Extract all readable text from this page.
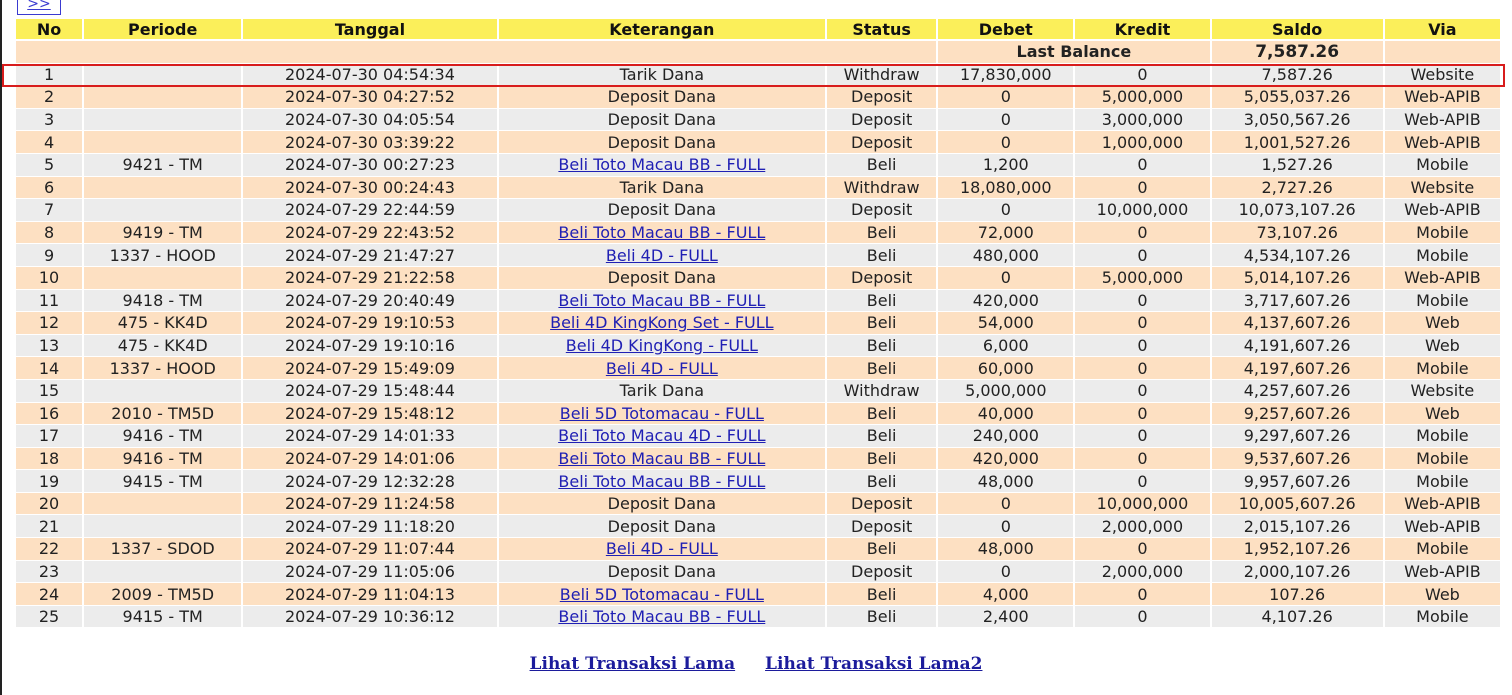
>>
No	Periode	Tanggal	Keterangan	Status	Debet	Kredit	Saldo	Via
					Last Balance		7,587.26	
1		2024-07-30 04:54:34	Tarik Dana	Withdraw	17,830,000	0	7,587.26	Website
2		2024-07-30 04:27:52	Deposit Dana	Deposit	0	5,000,000	5,055,037.26	Web-APIB
3		2024-07-30 04:05:54	Deposit Dana	Deposit	0	3,000,000	3,050,567.26	Web-APIB
4		2024-07-30 03:39:22	Deposit Dana	Deposit	0	1,000,000	1,001,527.26	Web-APIB
5	9421 - TM	2024-07-30 00:27:23	Beli Toto Macau BB - FULL	Beli	1,200	0	1,527.26	Mobile
6		2024-07-30 00:24:43	Tarik Dana	Withdraw	18,080,000	0	2,727.26	Website
7		2024-07-29 22:44:59	Deposit Dana	Deposit	0	10,000,000	10,073,107.26	Web-APIB
8	9419 - TM	2024-07-29 22:43:52	Beli Toto Macau BB - FULL	Beli	72,000	0	73,107.26	Mobile
9	1337 - HOOD	2024-07-29 21:47:27	Beli 4D - FULL	Beli	480,000	0	4,534,107.26	Mobile
10		2024-07-29 21:22:58	Deposit Dana	Deposit	0	5,000,000	5,014,107.26	Web-APIB
11	9418 - TM	2024-07-29 20:40:49	Beli Toto Macau BB - FULL	Beli	420,000	0	3,717,607.26	Mobile
12	475 - KK4D	2024-07-29 19:10:53	Beli 4D KingKong Set - FULL	Beli	54,000	0	4,137,607.26	Web
13	475 - KK4D	2024-07-29 19:10:16	Beli 4D KingKong - FULL	Beli	6,000	0	4,191,607.26	Web
14	1337 - HOOD	2024-07-29 15:49:09	Beli 4D - FULL	Beli	60,000	0	4,197,607.26	Mobile
15		2024-07-29 15:48:44	Tarik Dana	Withdraw	5,000,000	0	4,257,607.26	Website
16	2010 - TM5D	2024-07-29 15:48:12	Beli 5D Totomacau - FULL	Beli	40,000	0	9,257,607.26	Web
17	9416 - TM	2024-07-29 14:01:33	Beli Toto Macau 4D - FULL	Beli	240,000	0	9,297,607.26	Mobile
18	9416 - TM	2024-07-29 14:01:06	Beli Toto Macau BB - FULL	Beli	420,000	0	9,537,607.26	Mobile
19	9415 - TM	2024-07-29 12:32:28	Beli Toto Macau BB - FULL	Beli	48,000	0	9,957,607.26	Mobile
20		2024-07-29 11:24:58	Deposit Dana	Deposit	0	10,000,000	10,005,607.26	Web-APIB
21		2024-07-29 11:18:20	Deposit Dana	Deposit	0	2,000,000	2,015,107.26	Web-APIB
22	1337 - SDOD	2024-07-29 11:07:44	Beli 4D - FULL	Beli	48,000	0	1,952,107.26	Mobile
23		2024-07-29 11:05:06	Deposit Dana	Deposit	0	2,000,000	2,000,107.26	Web-APIB
24	2009 - TM5D	2024-07-29 11:04:13	Beli 5D Totomacau - FULL	Beli	4,000	0	107.26	Web
25	9415 - TM	2024-07-29 10:36:12	Beli Toto Macau BB - FULL	Beli	2,400	0	4,107.26	Mobile
Lihat Transaksi Lama Lihat Transaksi Lama2
